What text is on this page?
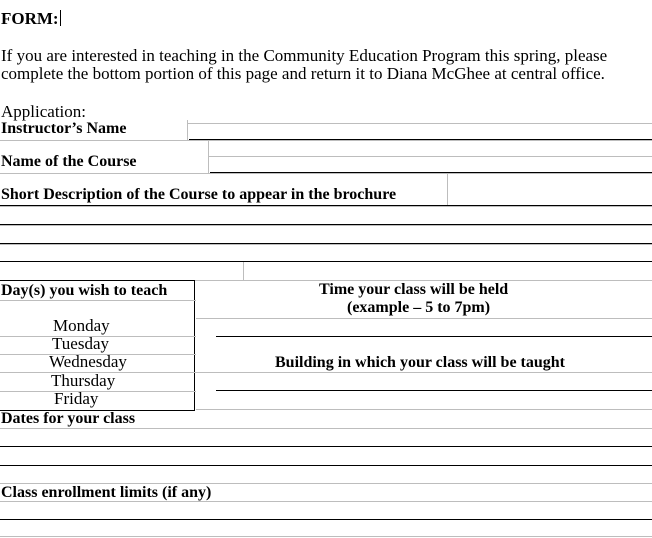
FORM:
If you are interested in teaching in the Community Education Program this spring, please
complete the bottom portion of this page and return it to Diana McGhee at central office.
Application:
Instructor’s Name
Name of the Course
Short Description of the Course to appear in the brochure
Day(s) you wish to teach
Monday
Tuesday
Wednesday
Thursday
Friday
Time your class will be held
(example – 5 to 7pm)
Building in which your class will be taught
Dates for your class
Class enrollment limits (if any)
